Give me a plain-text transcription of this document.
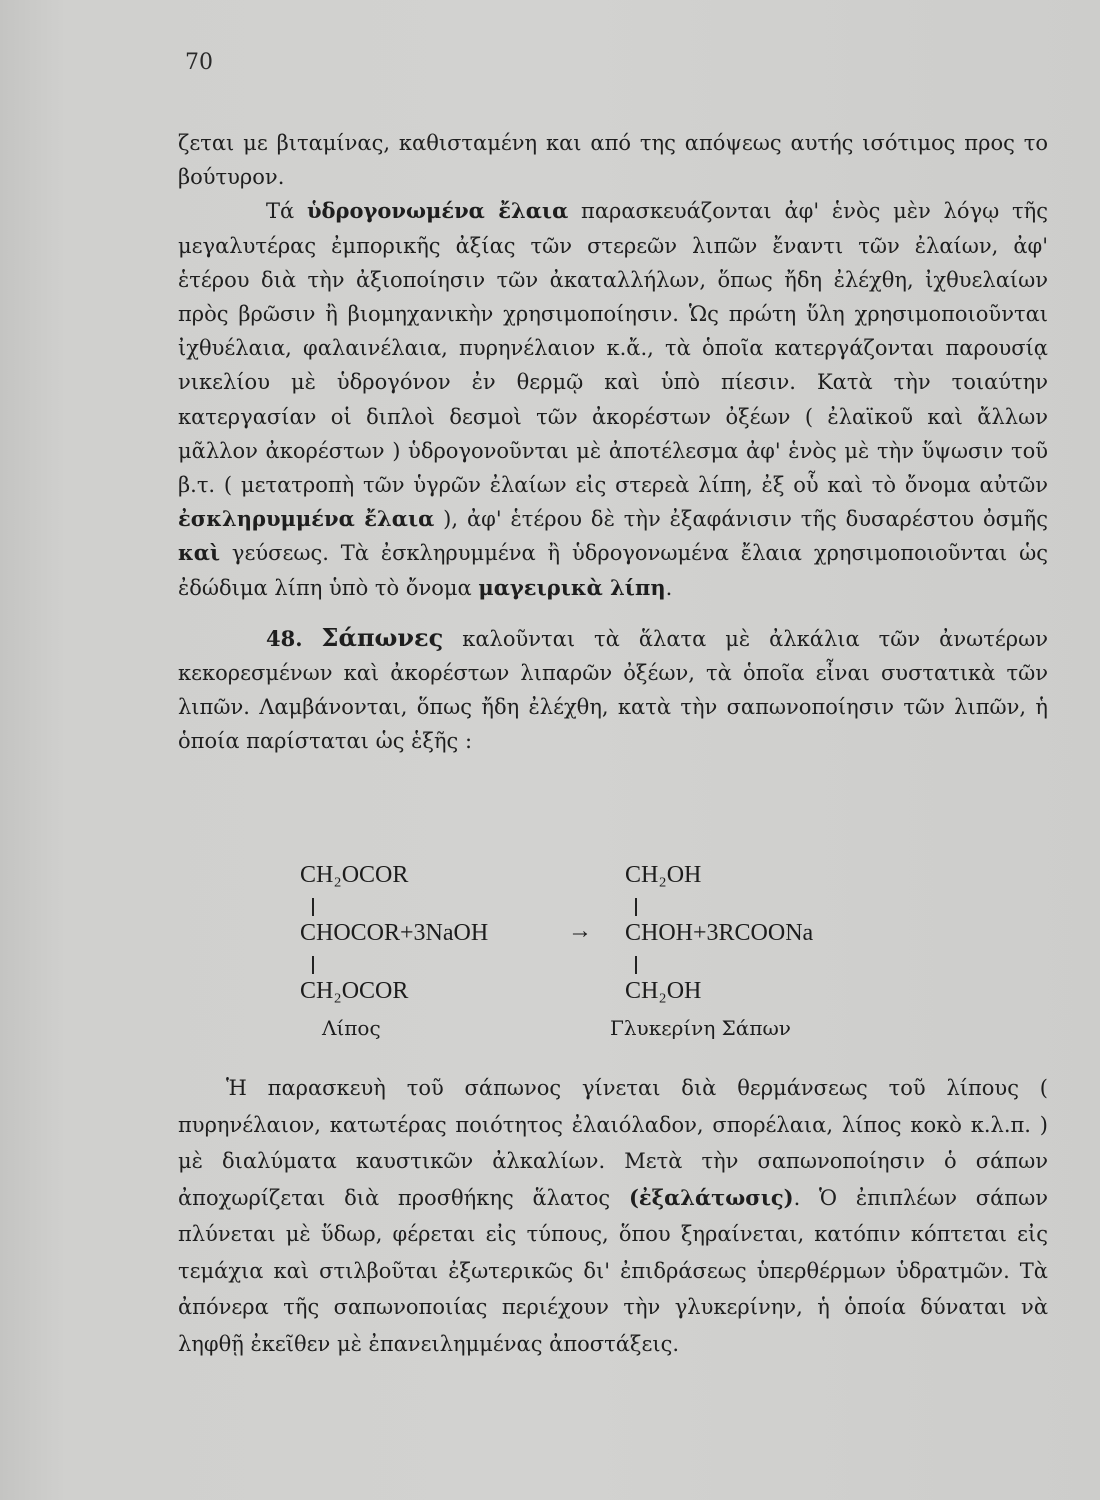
70

ζεται με βιταμίνας, καθισταμένη και από της απόψεως αυτής ισότιμος προς το βούτυρον.

Τά ὑδρογονωμένα ἔλαια παρασκευάζονται ἀφ' ἑνὸς μὲν λόγῳ τῆς μεγαλυτέρας ἐμπορικῆς ἀξίας τῶν στερεῶν λιπῶν ἔναντι τῶν ἐλαίων, ἀφ' ἑτέρου διὰ τὴν ἀξιοποίησιν τῶν ἀκαταλλήλων, ὅπως ἤδη ἐλέχθη, ἰχθυελαίων πρὸς βρῶσιν ἢ βιομηχανικὴν χρησιμοποίησιν. Ὡς πρώτη ὕλη χρησιμοποιοῦνται ἰχθυέλαια, φαλαινέλαια, πυρηνέλαιον κ.ἄ., τὰ ὁποῖα κατεργάζονται παρουσίᾳ νικελίου μὲ ὑδρογόνον ἐν θερμῷ καὶ ὑπὸ πίεσιν. Κατὰ τὴν τοιαύτην κατεργασίαν οἱ διπλοὶ δεσμοὶ τῶν ἀκορέστων ὀξέων ( ἐλαϊκοῦ καὶ ἄλλων μᾶλλον ἀκορέστων ) ὑδρογονοῦνται μὲ ἀποτέλεσμα ἀφ' ἑνὸς μὲ τὴν ὕψωσιν τοῦ β.τ. ( μετατροπὴ τῶν ὑγρῶν ἐλαίων εἰς στερεὰ λίπη, ἐξ οὗ καὶ τὸ ὄνομα αὐτῶν ἐσκληρυμμένα ἔλαια ), ἀφ' ἑτέρου δὲ τὴν ἐξαφάνισιν τῆς δυσαρέστου ὀσμῆς καὶ γεύσεως. Τὰ ἐσκληρυμμένα ἢ ὑδρογονωμένα ἔλαια χρησιμοποιοῦνται ὡς ἐδώδιμα λίπη ὑπὸ τὸ ὄνομα μαγειρικὰ λίπη.

48. Σάπωνες καλοῦνται τὰ ἅλατα μὲ ἀλκάλια τῶν ἀνωτέρων κεκορεσμένων καὶ ἀκορέστων λιπαρῶν ὀξέων, τὰ ὁποῖα εἶναι συστατικὰ τῶν λιπῶν. Λαμβάνονται, ὅπως ἤδη ἐλέχθη, κατὰ τὴν σαπωνοποίησιν τῶν λιπῶν, ἡ ὁποία παρίσταται ὡς ἑξῆς :

CH₂OCOR
CHOCOR+3NaOH
CH₂OCOR
Λίπος
→
CH₂OH
CHOH+3RCOONa
CH₂OH
Γλυκερίνη Σάπων

Ἡ παρασκευὴ τοῦ σάπωνος γίνεται διὰ θερμάνσεως τοῦ λίπους ( πυρηνέλαιον, κατωτέρας ποιότητος ἐλαιόλαδον, σπορέλαια, λίπος κοκὸ κ.λ.π. ) μὲ διαλύματα καυστικῶν ἀλκαλίων. Μετὰ τὴν σαπωνοποίησιν ὁ σάπων ἀποχωρίζεται διὰ προσθήκης ἅλατος (ἐξαλάτωσις). Ὁ ἐπιπλέων σάπων πλύνεται μὲ ὕδωρ, φέρεται εἰς τύπους, ὅπου ξηραίνεται, κατόπιν κόπτεται εἰς τεμάχια καὶ στιλβοῦται ἐξωτερικῶς δι' ἐπιδράσεως ὑπερθέρμων ὑδρατμῶν. Τὰ ἀπόνερα τῆς σαπωνοποιίας περιέχουν τὴν γλυκερίνην, ἡ ὁποία δύναται νὰ ληφθῇ ἐκεῖθεν μὲ ἐπανειλημμένας ἀποστάξεις.
